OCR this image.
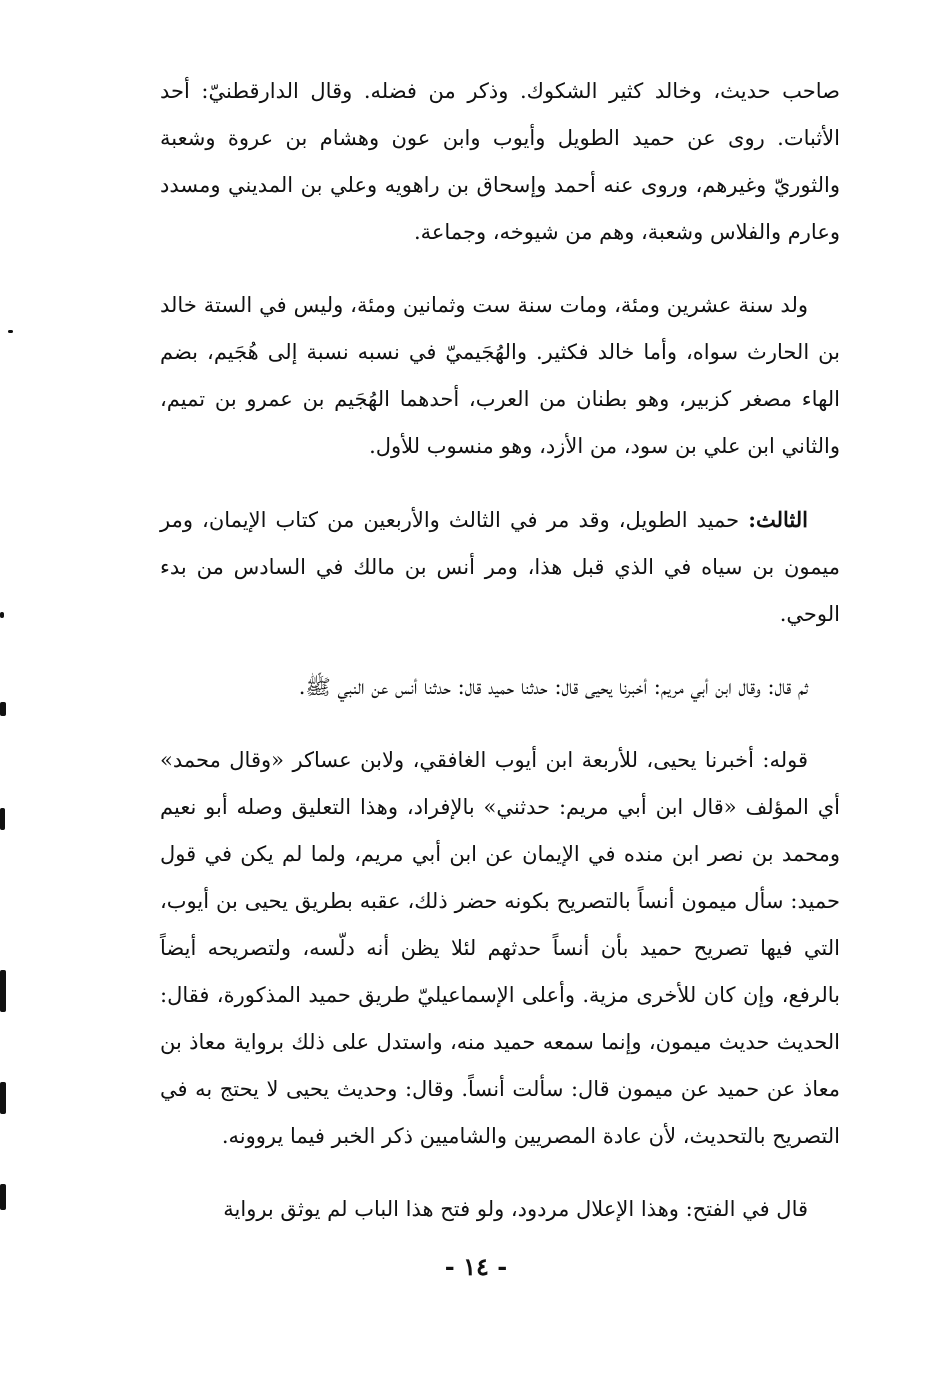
صاحب حديث، وخالد كثير الشكوك. وذكر من فضله. وقال الدارقطنيّ: أحد الأثبات. روى عن حميد الطويل وأيوب وابن عون وهشام بن عروة وشعبة والثوريّ وغيرهم، وروى عنه أحمد وإسحاق بن راهويه وعلي بن المديني ومسدد وعارم والفلاس وشعبة، وهم من شيوخه، وجماعة.

ولد سنة عشرين ومئة، ومات سنة ست وثمانين ومئة، وليس في الستة خالد بن الحارث سواه، وأما خالد فكثير. والهُجَيميّ في نسبه نسبة إلى هُجَيم، بضم الهاء مصغر كزبير، وهو بطنان من العرب، أحدهما الهُجَيم بن عمرو بن تميم، والثاني ابن علي بن سود، من الأزد، وهو منسوب للأول.

الثالث: حميد الطويل، وقد مر في الثالث والأربعين من كتاب الإيمان، ومر ميمون بن سياه في الذي قبل هذا، ومر أنس بن مالك في السادس من بدء الوحي.

ثم قال: وقال ابن أبي مريم: أخبرنا يحيى قال: حدثنا حميد قال: حدثنا أنس عن النبي ﷺ.

قوله: أخبرنا يحيى، للأربعة ابن أيوب الغافقي، ولابن عساكر «وقال محمد» أي المؤلف «قال ابن أبي مريم: حدثني» بالإفراد، وهذا التعليق وصله أبو نعيم ومحمد بن نصر ابن منده في الإيمان عن ابن أبي مريم، ولما لم يكن في قول حميد: سأل ميمون أنساً بالتصريح بكونه حضر ذلك، عقبه بطريق يحيى بن أيوب، التي فيها تصريح حميد بأن أنساً حدثهم لئلا يظن أنه دلّسه، ولتصريحه أيضاً بالرفع، وإن كان للأخرى مزية. وأعلى الإسماعيليّ طريق حميد المذكورة، فقال: الحديث حديث ميمون، وإنما سمعه حميد منه، واستدل على ذلك برواية معاذ بن معاذ عن حميد عن ميمون قال: سألت أنساً. وقال: وحديث يحيى لا يحتج به في التصريح بالتحديث، لأن عادة المصريين والشاميين ذكر الخبر فيما يروونه.

قال في الفتح: وهذا الإعلال مردود، ولو فتح هذا الباب لم يوثق برواية

- ١٤ -
